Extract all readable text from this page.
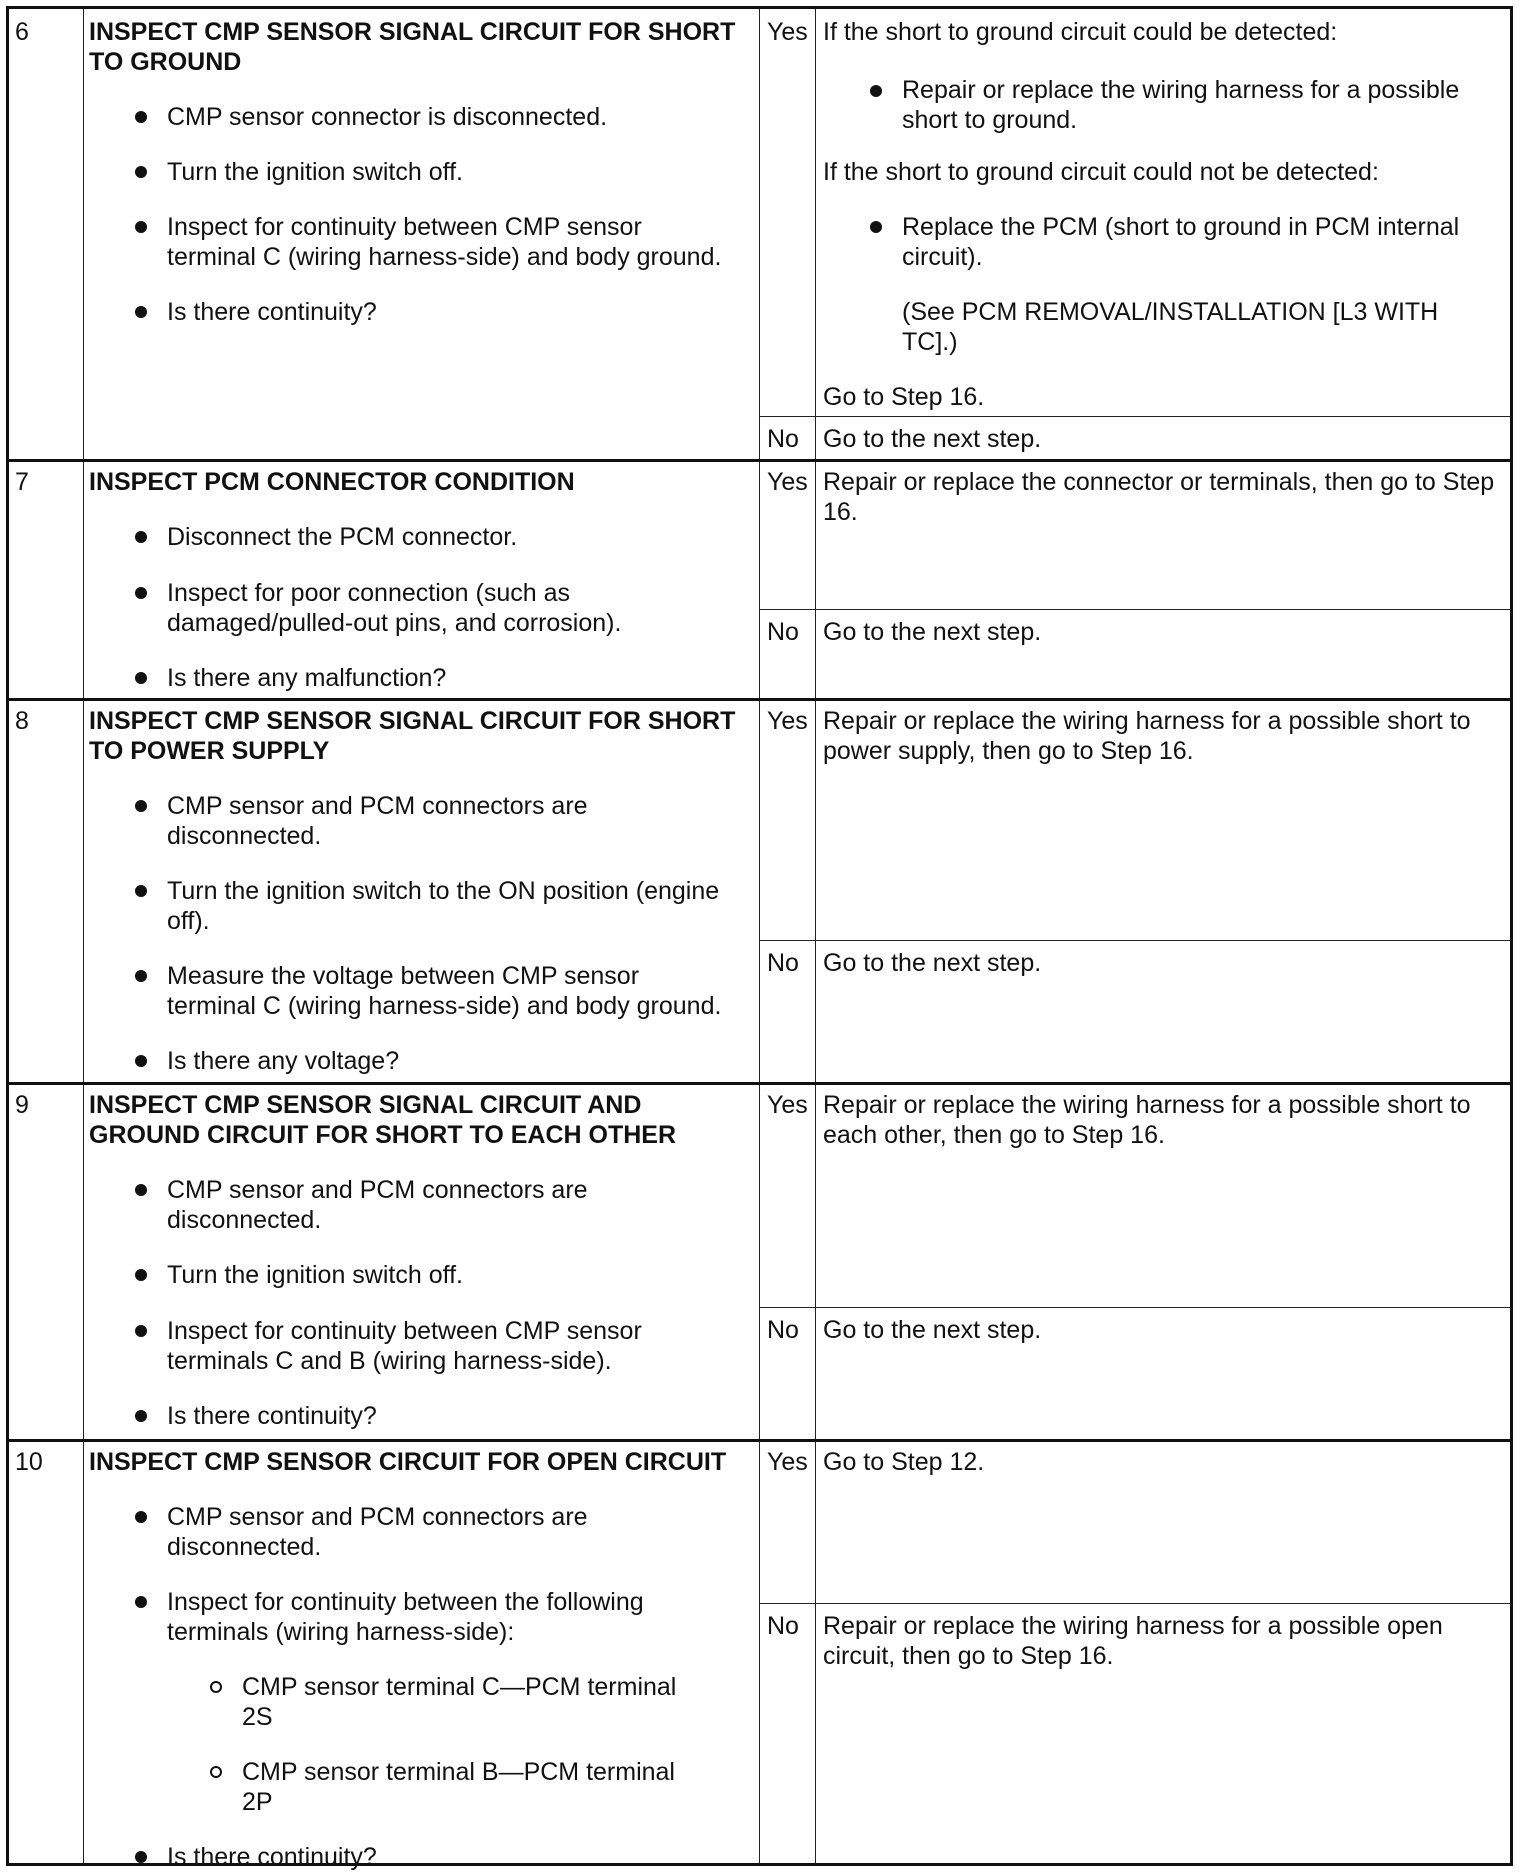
6 INSPECT CMP SENSOR SIGNAL CIRCUIT FOR SHORT
TO GROUND
CMP sensor connector is disconnected.
Turn the ignition switch off.
Inspect for continuity between CMP sensor
terminal C (wiring harness-side) and body ground.
Is there continuity?
Yes If the short to ground circuit could be detected:
Repair or replace the wiring harness for a possible
short to ground.
If the short to ground circuit could not be detected:
Replace the PCM (short to ground in PCM internal
circuit).
(See PCM REMOVAL/INSTALLATION [L3 WITH
TC].)
Go to Step 16.
No Go to the next step.
7 INSPECT PCM CONNECTOR CONDITION
Disconnect the PCM connector.
Inspect for poor connection (such as
damaged/pulled-out pins, and corrosion).
Is there any malfunction?
Yes Repair or replace the connector or terminals, then go to Step
16.
No Go to the next step.
8 INSPECT CMP SENSOR SIGNAL CIRCUIT FOR SHORT
TO POWER SUPPLY
CMP sensor and PCM connectors are
disconnected.
Turn the ignition switch to the ON position (engine
off).
Measure the voltage between CMP sensor
terminal C (wiring harness-side) and body ground.
Is there any voltage?
Yes Repair or replace the wiring harness for a possible short to
power supply, then go to Step 16.
No Go to the next step.
9 INSPECT CMP SENSOR SIGNAL CIRCUIT AND
GROUND CIRCUIT FOR SHORT TO EACH OTHER
CMP sensor and PCM connectors are
disconnected.
Turn the ignition switch off.
Inspect for continuity between CMP sensor
terminals C and B (wiring harness-side).
Is there continuity?
Yes Repair or replace the wiring harness for a possible short to
each other, then go to Step 16.
No Go to the next step.
10 INSPECT CMP SENSOR CIRCUIT FOR OPEN CIRCUIT
CMP sensor and PCM connectors are
disconnected.
Inspect for continuity between the following
terminals (wiring harness-side):
CMP sensor terminal C—PCM terminal
2S
CMP sensor terminal B—PCM terminal
2P
Is there continuity?
Yes Go to Step 12.
No Repair or replace the wiring harness for a possible open
circuit, then go to Step 16.
